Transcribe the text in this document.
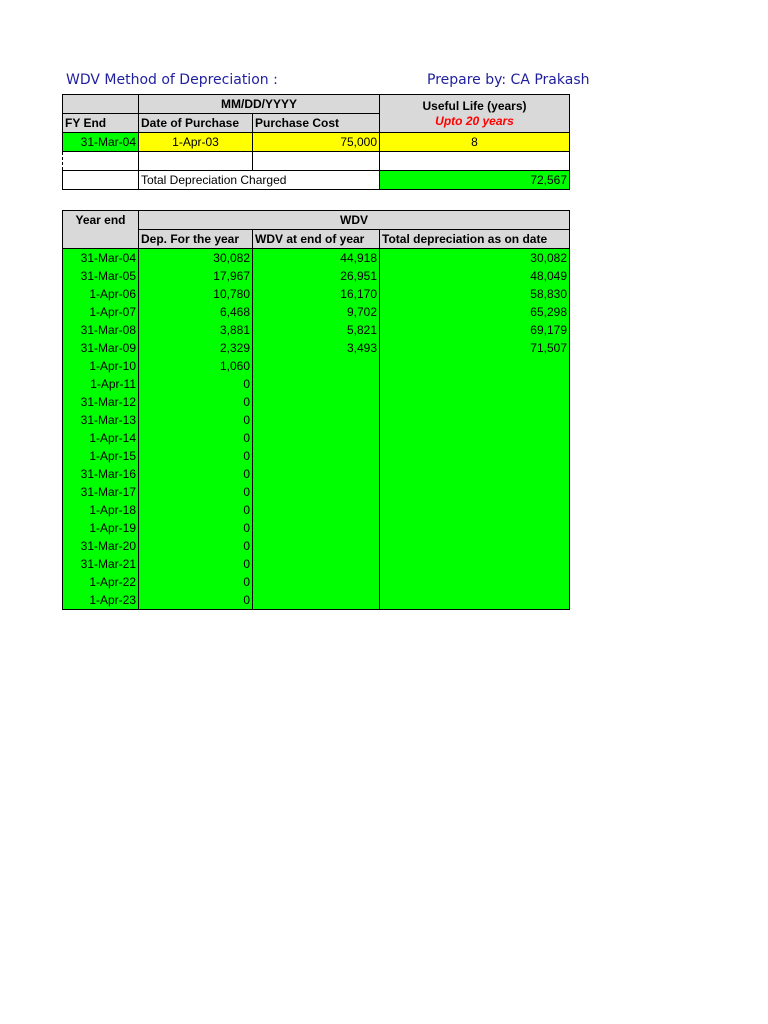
WDV Method of Depreciation :	Prepare by: CA Prakash
	MM/DD/YYYY		Useful Life (years)
Upto 20 years

FY End	Date of Purchase	Purchase Cost	
31-Mar-04	1-Apr-03	75,000	8

	Total Depreciation Charged		72,567
Year end	WDV		
	Dep. For the year	WDV at end of year	Total depreciation as on date
31-Mar-04	30,082	44,918	30,082
31-Mar-05	17,967	26,951	48,049
1-Apr-06	10,780	16,170	58,830
1-Apr-07	6,468	9,702	65,298
31-Mar-08	3,881	5,821	69,179
31-Mar-09	2,329	3,493	71,507
1-Apr-10	1,060		
1-Apr-11	0		
31-Mar-12	0		
31-Mar-13	0		
1-Apr-14	0		
1-Apr-15	0		
31-Mar-16	0		
31-Mar-17	0		
1-Apr-18	0		
1-Apr-19	0		
31-Mar-20	0		
31-Mar-21	0		
1-Apr-22	0		
1-Apr-23	0		
